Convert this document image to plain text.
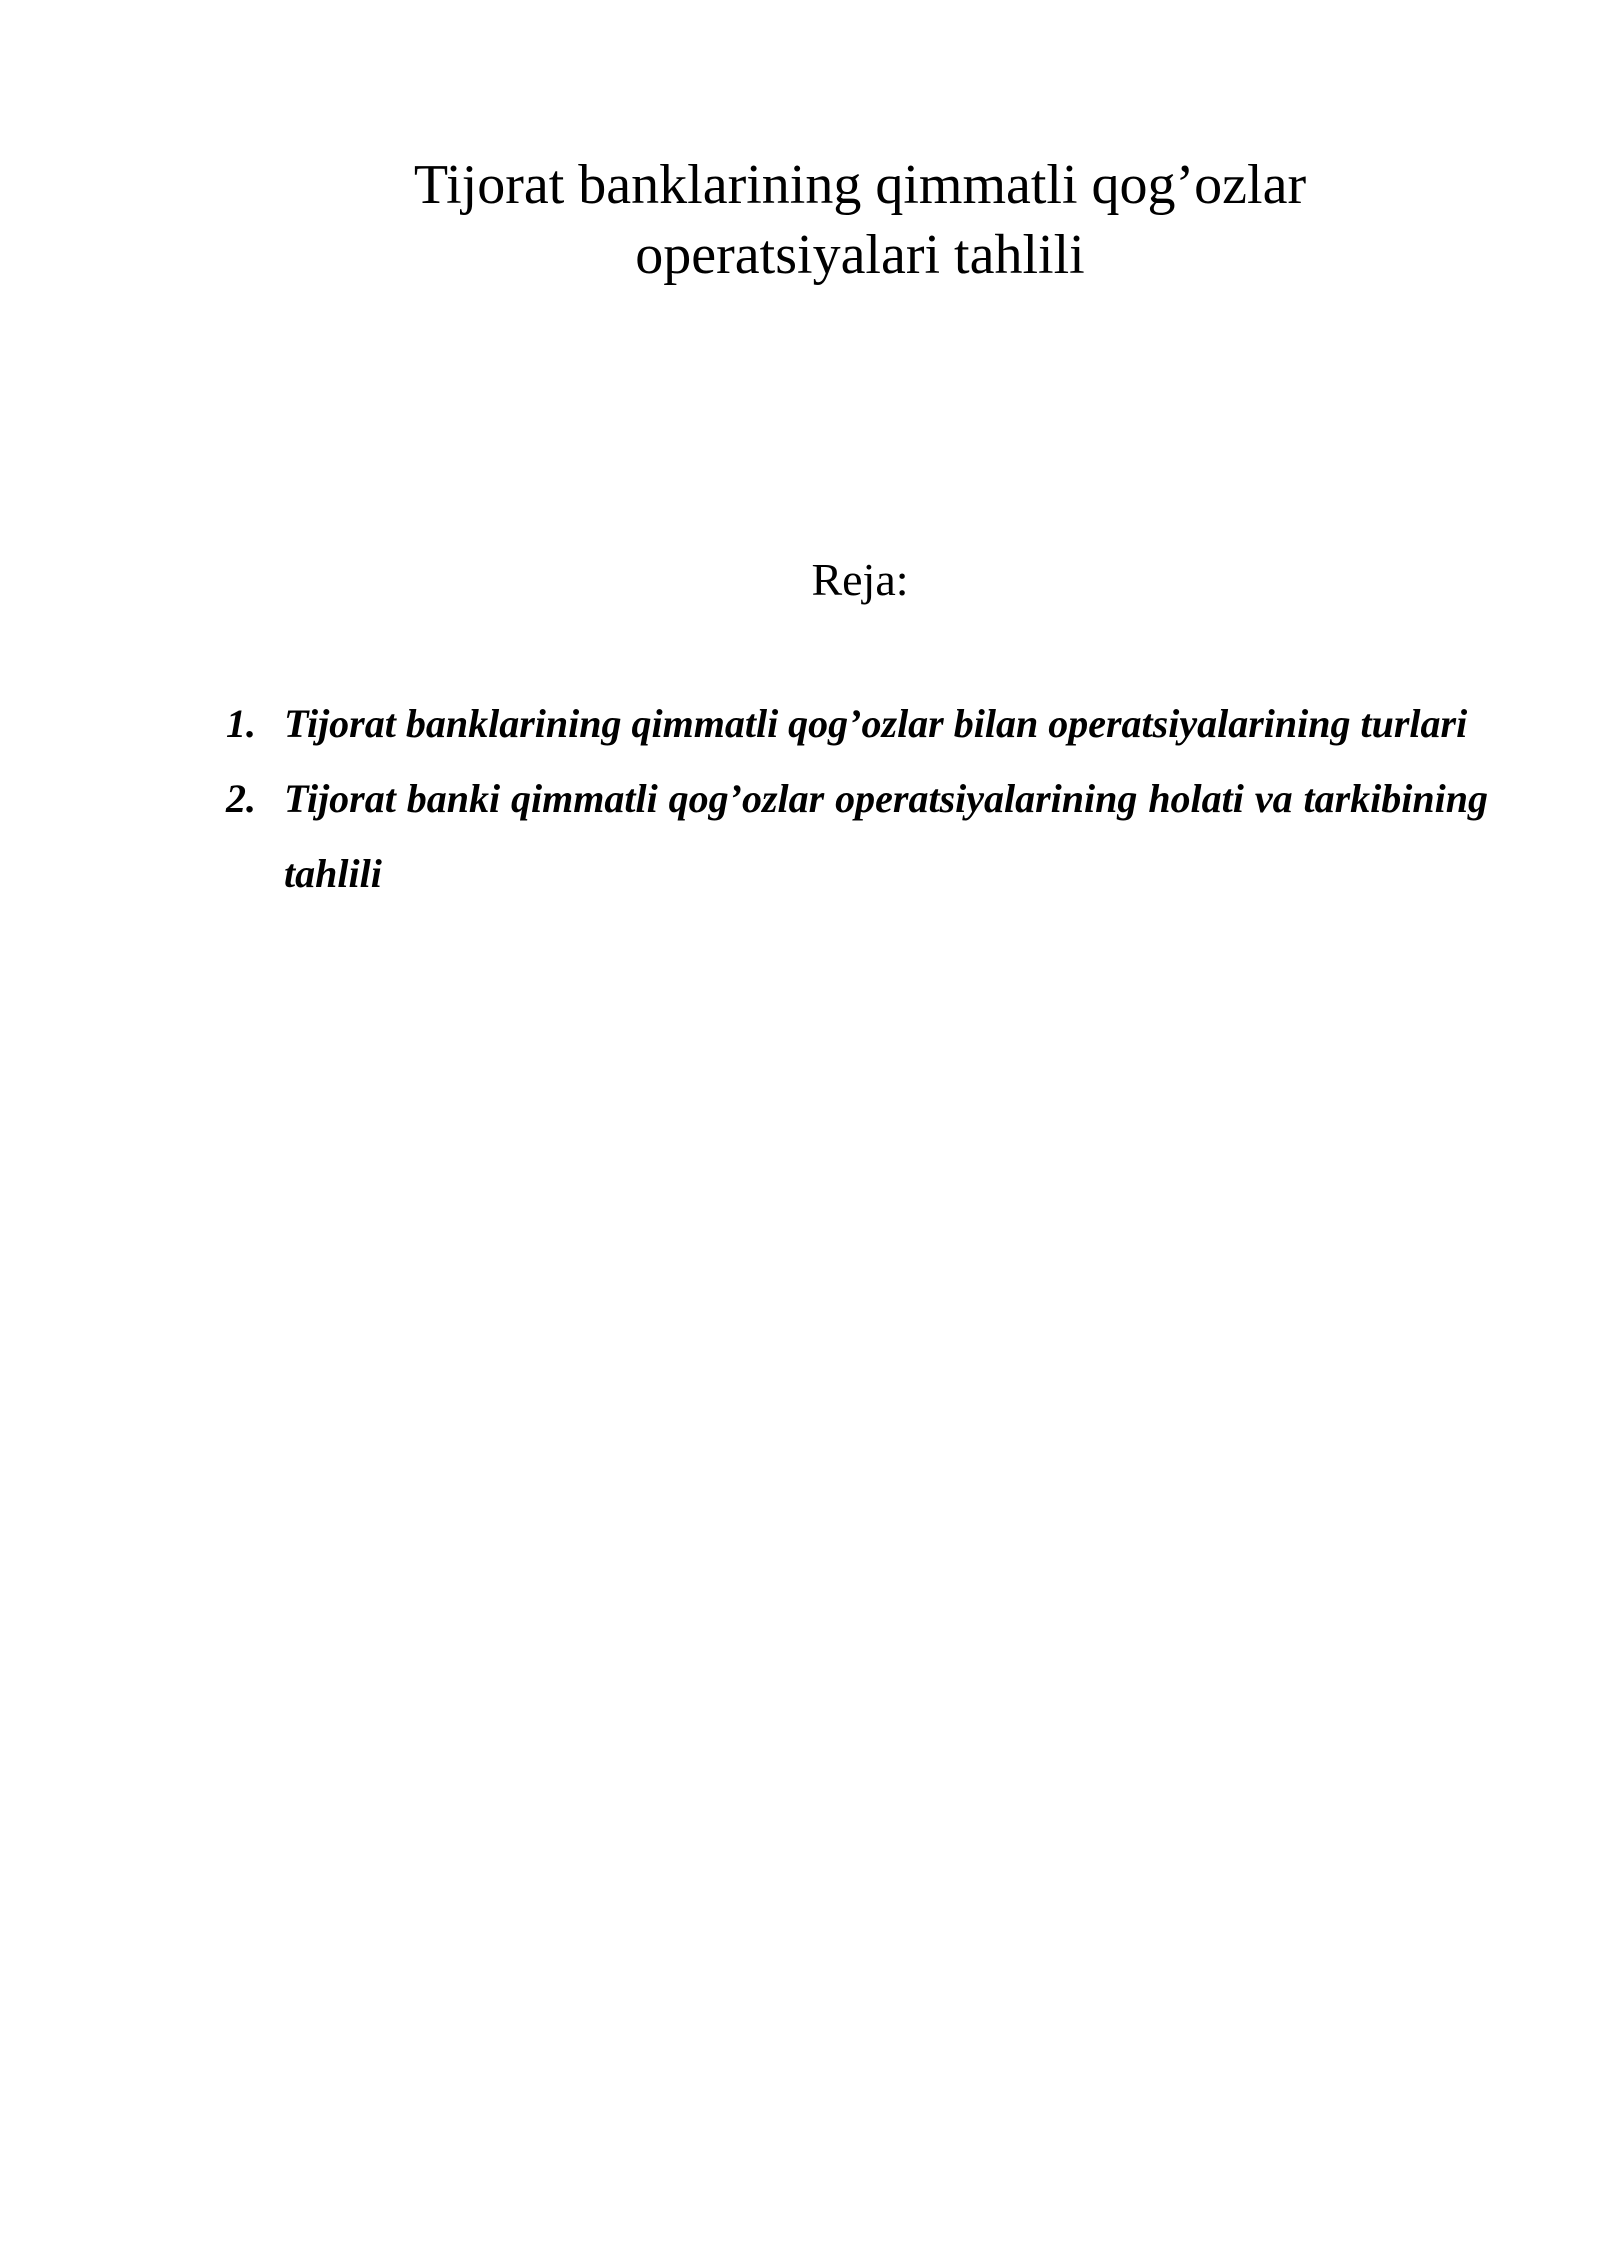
Tijorat banklarining qimmatli qog’ozlar
operatsiyalari tahlili
Reja:
1. Tijorat banklarining qimmatli qog’ozlar bilan operatsiyalarining turlari
2. Tijorat banki qimmatli qog’ozlar operatsiyalarining holati va tarkibining tahlili
